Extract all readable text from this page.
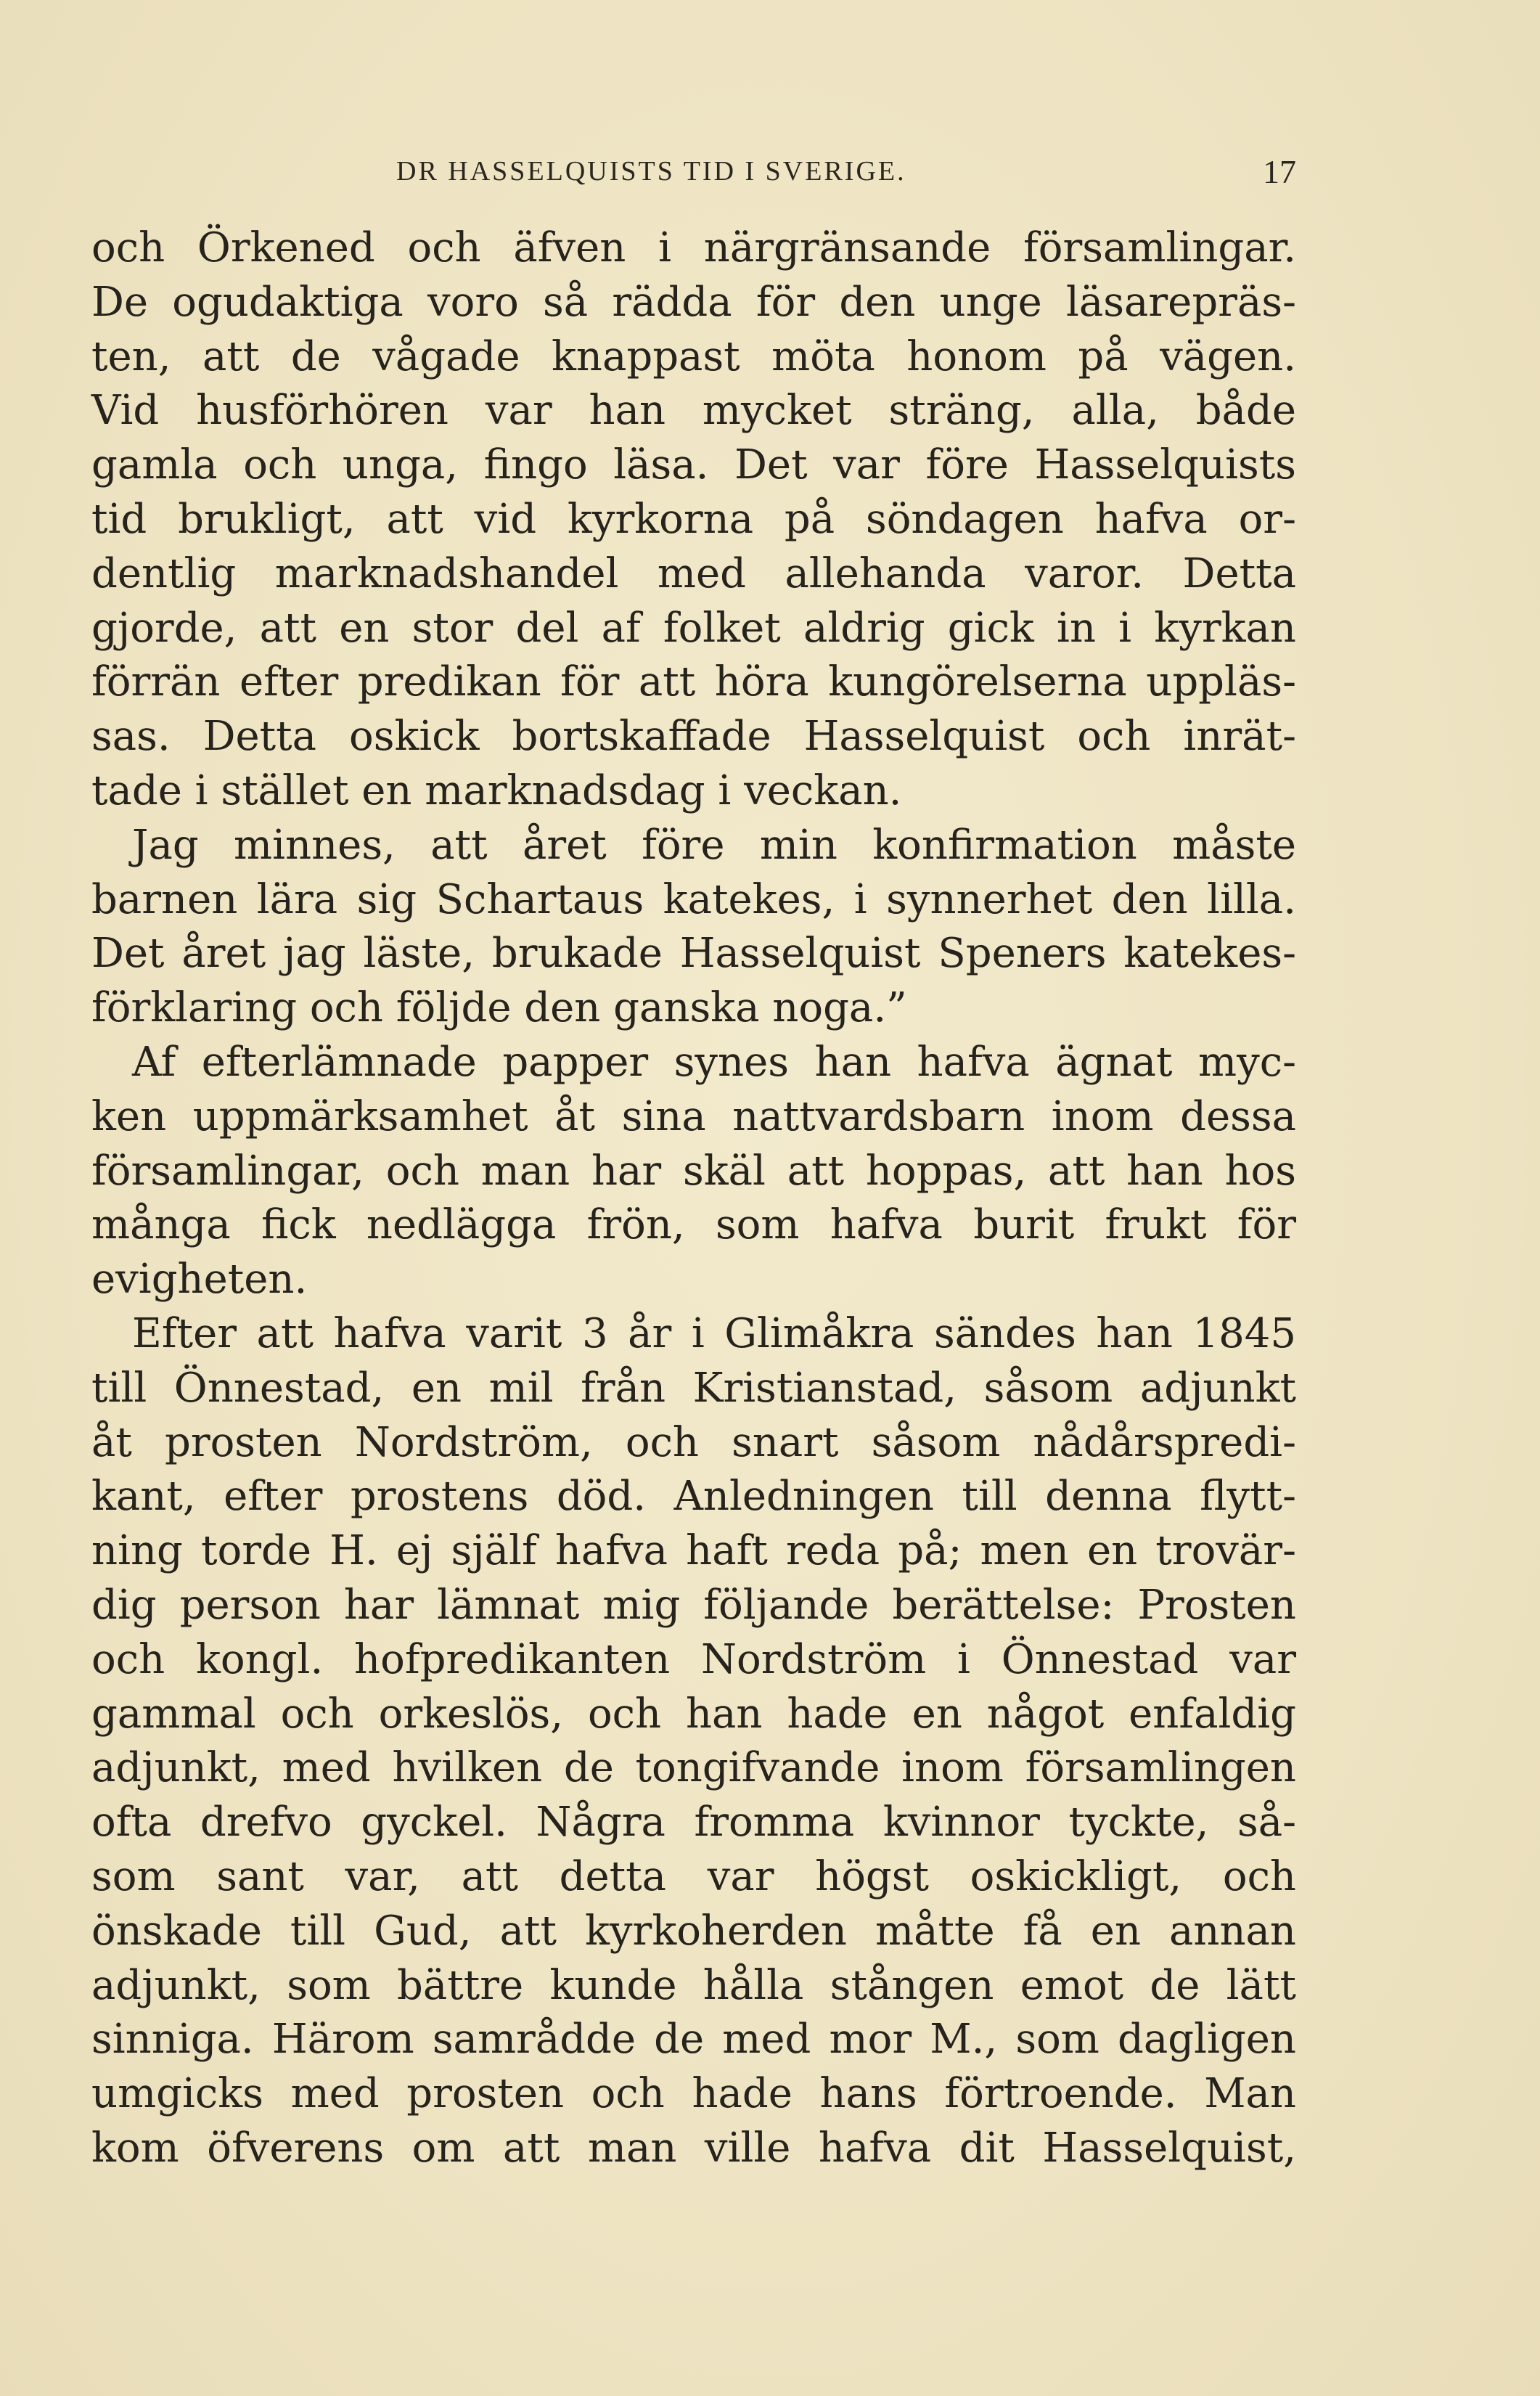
DR HASSELQUISTS TID I SVERIGE.	17
och Örkened och äfven i närgränsande församlingar.
De ogudaktiga voro så rädda för den unge läsarepräs-
ten, att de vågade knappast möta honom på vägen.
Vid husförhören var han mycket sträng, alla, både
gamla och unga, fingo läsa. Det var före Hasselquists
tid brukligt, att vid kyrkorna på söndagen hafva or-
dentlig marknadshandel med allehanda varor. Detta
gjorde, att en stor del af folket aldrig gick in i kyrkan
förrän efter predikan för att höra kungörelserna uppläs-
sas. Detta oskick bortskaffade Hasselquist och inrät-
tade i stället en marknadsdag i veckan.
Jag minnes, att året före min konfirmation måste
barnen lära sig Schartaus katekes, i synnerhet den lilla.
Det året jag läste, brukade Hasselquist Speners katekes-
förklaring och följde den ganska noga.”
Af efterlämnade papper synes han hafva ägnat myc-
ken uppmärksamhet åt sina nattvardsbarn inom dessa
församlingar, och man har skäl att hoppas, att han hos
många fick nedlägga frön, som hafva burit frukt för
evigheten.
Efter att hafva varit 3 år i Glimåkra sändes han 1845
till Önnestad, en mil från Kristianstad, såsom adjunkt
åt prosten Nordström, och snart såsom nådårspredi-
kant, efter prostens död. Anledningen till denna flytt-
ning torde H. ej själf hafva haft reda på; men en trovär-
dig person har lämnat mig följande berättelse: Prosten
och kongl. hofpredikanten Nordström i Önnestad var
gammal och orkeslös, och han hade en något enfaldig
adjunkt, med hvilken de tongifvande inom församlingen
ofta drefvo gyckel. Några fromma kvinnor tyckte, så-
som sant var, att detta var högst oskickligt, och
önskade till Gud, att kyrkoherden måtte få en annan
adjunkt, som bättre kunde hålla stången emot de lätt
sinniga. Härom samrådde de med mor M., som dagligen
umgicks med prosten och hade hans förtroende. Man
kom öfverens om att man ville hafva dit Hasselquist,
